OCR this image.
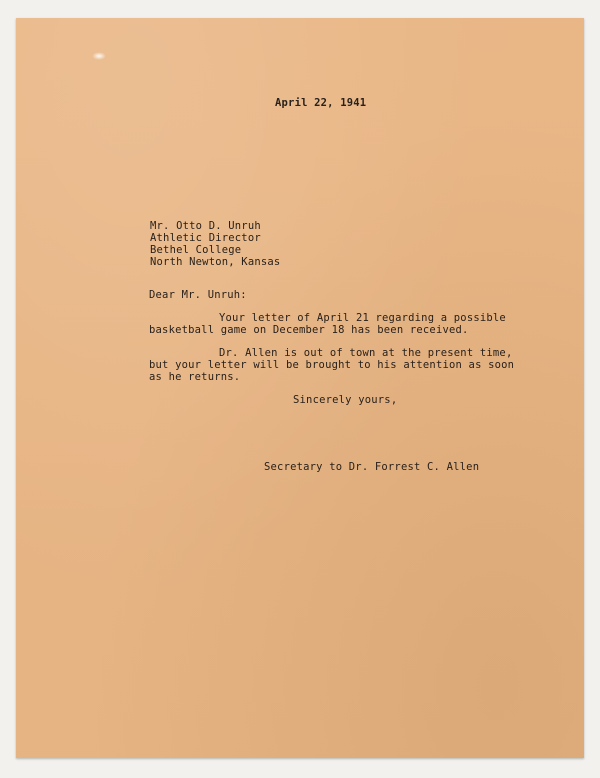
April 22, 1941
Mr. Otto D. Unruh
Athletic Director
Bethel College
North Newton, Kansas
Dear Mr. Unruh:
Your letter of April 21 regarding a possible
basketball game on December 18 has been received.
Dr. Allen is out of town at the present time,
but your letter will be brought to his attention as soon
as he returns.
Sincerely yours,
Secretary to Dr. Forrest C. Allen
